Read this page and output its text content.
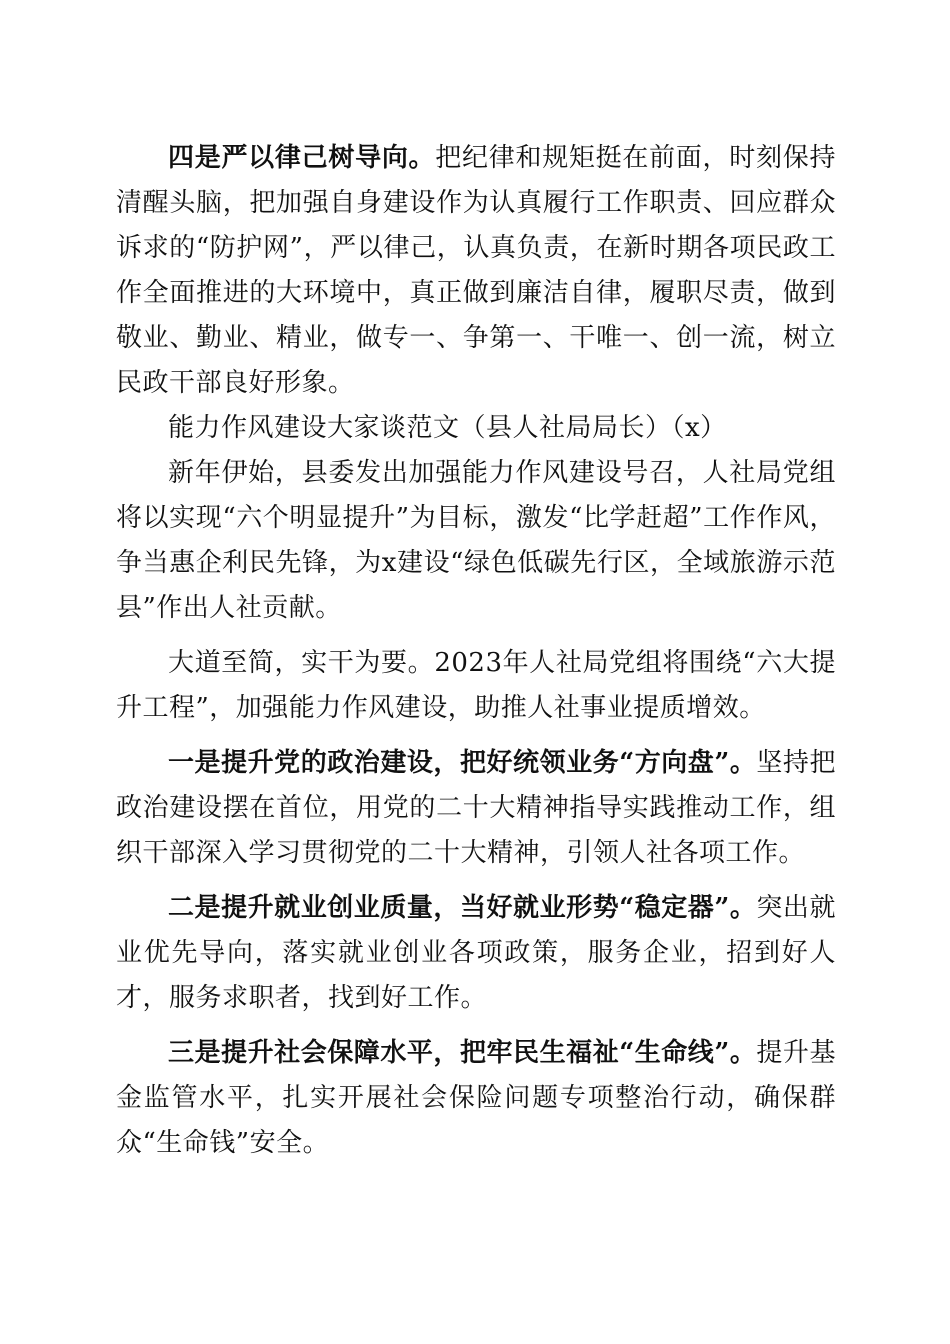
四是严以律己树导向。把纪律和规矩挺在前面，时刻保持清醒头脑，把加强自身建设作为认真履行工作职责、回应群众诉求的“防护网”，严以律己，认真负责，在新时期各项民政工作全面推进的大环境中，真正做到廉洁自律，履职尽责，做到敬业、勤业、精业，做专一、争第一、干唯一、创一流，树立民政干部良好形象。

能力作风建设大家谈范文（县人社局局长）（x）

新年伊始，县委发出加强能力作风建设号召，人社局党组将以实现“六个明显提升”为目标，激发“比学赶超”工作作风，争当惠企利民先锋，为x建设“绿色低碳先行区，全域旅游示范县”作出人社贡献。

大道至简，实干为要。2023年人社局党组将围绕“六大提升工程”，加强能力作风建设，助推人社事业提质增效。

一是提升党的政治建设，把好统领业务“方向盘”。坚持把政治建设摆在首位，用党的二十大精神指导实践推动工作，组织干部深入学习贯彻党的二十大精神，引领人社各项工作。

二是提升就业创业质量，当好就业形势“稳定器”。突出就业优先导向，落实就业创业各项政策，服务企业，招到好人才，服务求职者，找到好工作。

三是提升社会保障水平，把牢民生福祉“生命线”。提升基金监管水平，扎实开展社会保险问题专项整治行动，确保群众“生命钱”安全。
